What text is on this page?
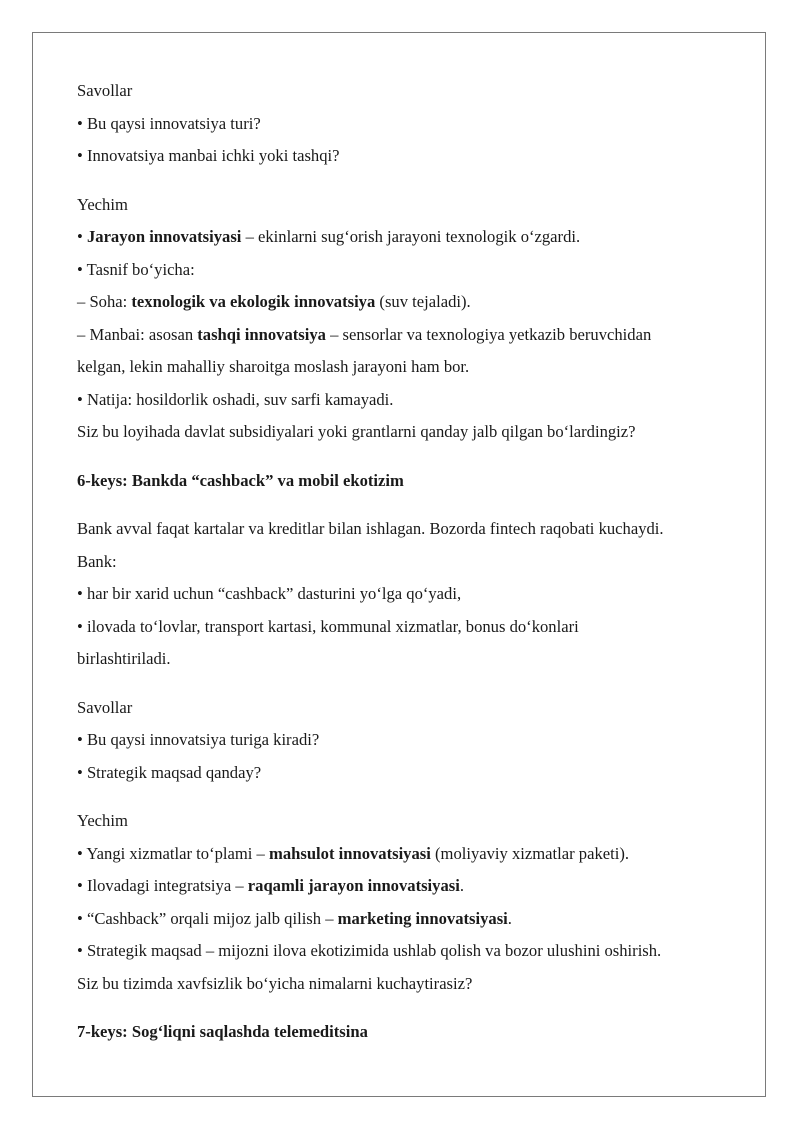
Savollar
• Bu qaysi innovatsiya turi?
• Innovatsiya manbai ichki yoki tashqi?
Yechim
• Jarayon innovatsiyasi – ekinlarni sug‘orish jarayoni texnologik o‘zgardi.
• Tasnif bo‘yicha:
– Soha: texnologik va ekologik innovatsiya (suv tejaladi).
– Manbai: asosan tashqi innovatsiya – sensorlar va texnologiya yetkazib beruvchidan
kelgan, lekin mahalliy sharoitga moslash jarayoni ham bor.
• Natija: hosildorlik oshadi, suv sarfi kamayadi.
Siz bu loyihada davlat subsidiyalari yoki grantlarni qanday jalb qilgan bo‘lardingiz?
6-keys: Bankda “cashback” va mobil ekotizim
Bank avval faqat kartalar va kreditlar bilan ishlagan. Bozorda fintech raqobati kuchaydi.
Bank:
• har bir xarid uchun “cashback” dasturini yo‘lga qo‘yadi,
• ilovada to‘lovlar, transport kartasi, kommunal xizmatlar, bonus do‘konlari
birlashtiriladi.
Savollar
• Bu qaysi innovatsiya turiga kiradi?
• Strategik maqsad qanday?
Yechim
• Yangi xizmatlar to‘plami – mahsulot innovatsiyasi (moliyaviy xizmatlar paketi).
• Ilovadagi integratsiya – raqamli jarayon innovatsiyasi.
• “Cashback” orqali mijoz jalb qilish – marketing innovatsiyasi.
• Strategik maqsad – mijozni ilova ekotizimida ushlab qolish va bozor ulushini oshirish.
Siz bu tizimda xavfsizlik bo‘yicha nimalarni kuchaytirasiz?
7-keys: Sog‘liqni saqlashda telemeditsina
